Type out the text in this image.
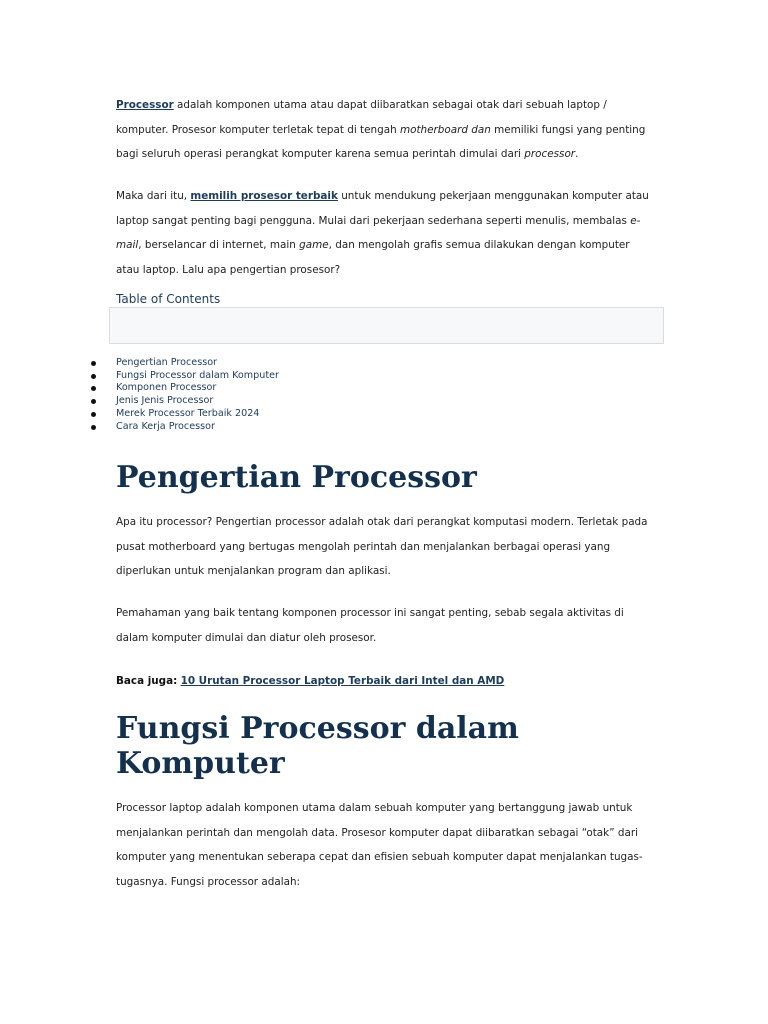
Processor adalah komponen utama atau dapat diibaratkan sebagai otak dari sebuah laptop / komputer. Prosesor komputer terletak tepat di tengah motherboard dan memiliki fungsi yang penting bagi seluruh operasi perangkat komputer karena semua perintah dimulai dari processor.

Maka dari itu, memilih prosesor terbaik untuk mendukung pekerjaan menggunakan komputer atau laptop sangat penting bagi pengguna. Mulai dari pekerjaan sederhana seperti menulis, membalas e-mail, berselancar di internet, main game, dan mengolah grafis semua dilakukan dengan komputer atau laptop. Lalu apa pengertian prosesor?

Table of Contents

Pengertian Processor

Apa itu processor? Pengertian processor adalah otak dari perangkat komputasi modern. Terletak pada pusat motherboard yang bertugas mengolah perintah dan menjalankan berbagai operasi yang diperlukan untuk menjalankan program dan aplikasi.

Pemahaman yang baik tentang komponen processor ini sangat penting, sebab segala aktivitas di dalam komputer dimulai dan diatur oleh prosesor.

Baca juga: 10 Urutan Processor Laptop Terbaik dari Intel dan AMD

Fungsi Processor dalam Komputer

Processor laptop adalah komponen utama dalam sebuah komputer yang bertanggung jawab untuk menjalankan perintah dan mengolah data. Prosesor komputer dapat diibaratkan sebagai “otak” dari komputer yang menentukan seberapa cepat dan efisien sebuah komputer dapat menjalankan tugas-tugasnya. Fungsi processor adalah:

Pengertian Processor
Fungsi Processor dalam Komputer
Komponen Processor
Jenis Jenis Processor
Merek Processor Terbaik 2024
Cara Kerja Processor
